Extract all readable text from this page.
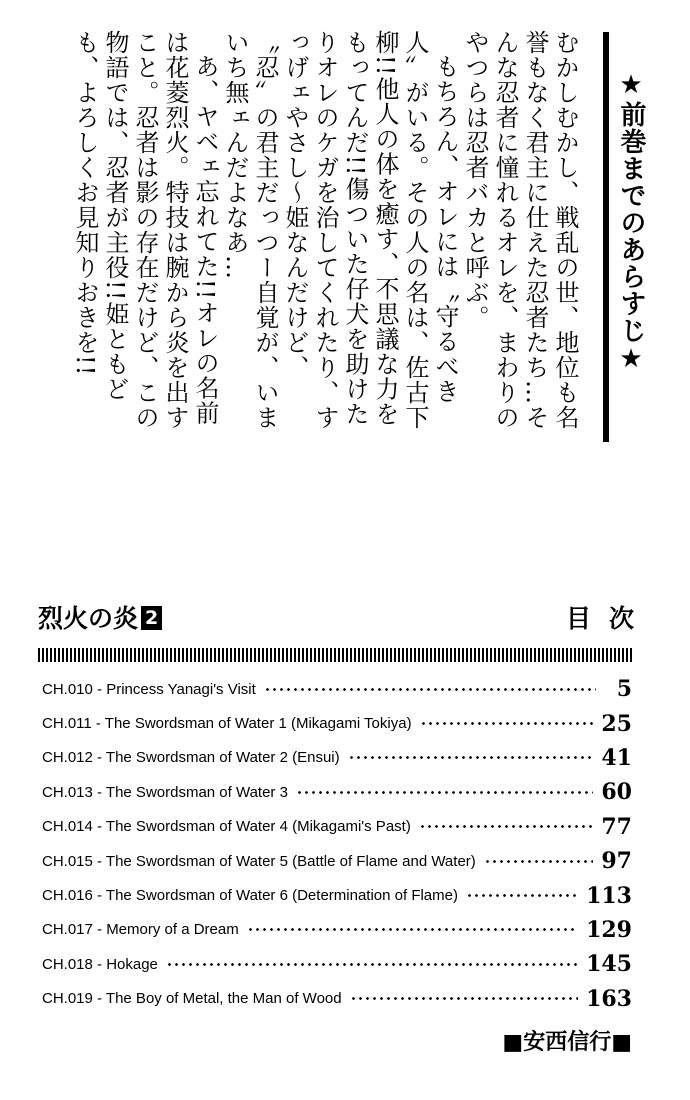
★前巻までのあらすじ★

むかしむかし、戦乱の世、地位も名誉もなく君主に仕えた忍者たち…そんな忍者に憧れるオレを、まわりのやつらは忍者バカと呼ぶ。

もちろん、オレには〝守るべき人〟がいる。その人の名は、佐古下柳!!他人の体を癒す、不思議な力をもってんだ!!傷ついた仔犬を助けたりオレのケガを治してくれたり、すっげェやさし〜姫なんだけど、〝忍〟の君主だっつー自覚が、いまいち無ェんだよなあ…

あ、ヤベェ忘れてた!!オレの名前は花菱烈火。特技は腕から炎を出すこと。忍者は影の存在だけど、この物語では、忍者が主役!!姫ともども、よろしくお見知りおきを!!

烈火の炎 2	目次
CH.010 - Princess Yanagi's Visit	5
CH.011 - The Swordsman of Water 1 (Mikagami Tokiya)	25
CH.012 - The Swordsman of Water 2 (Ensui)	41
CH.013 - The Swordsman of Water 3	60
CH.014 - The Swordsman of Water 4 (Mikagami's Past)	77
CH.015 - The Swordsman of Water 5 (Battle of Flame and Water)	97
CH.016 - The Swordsman of Water 6 (Determination of Flame)	113
CH.017 - Memory of a Dream	129
CH.018 - Hokage	145
CH.019 - The Boy of Metal, the Man of Wood	163
■安西信行■
